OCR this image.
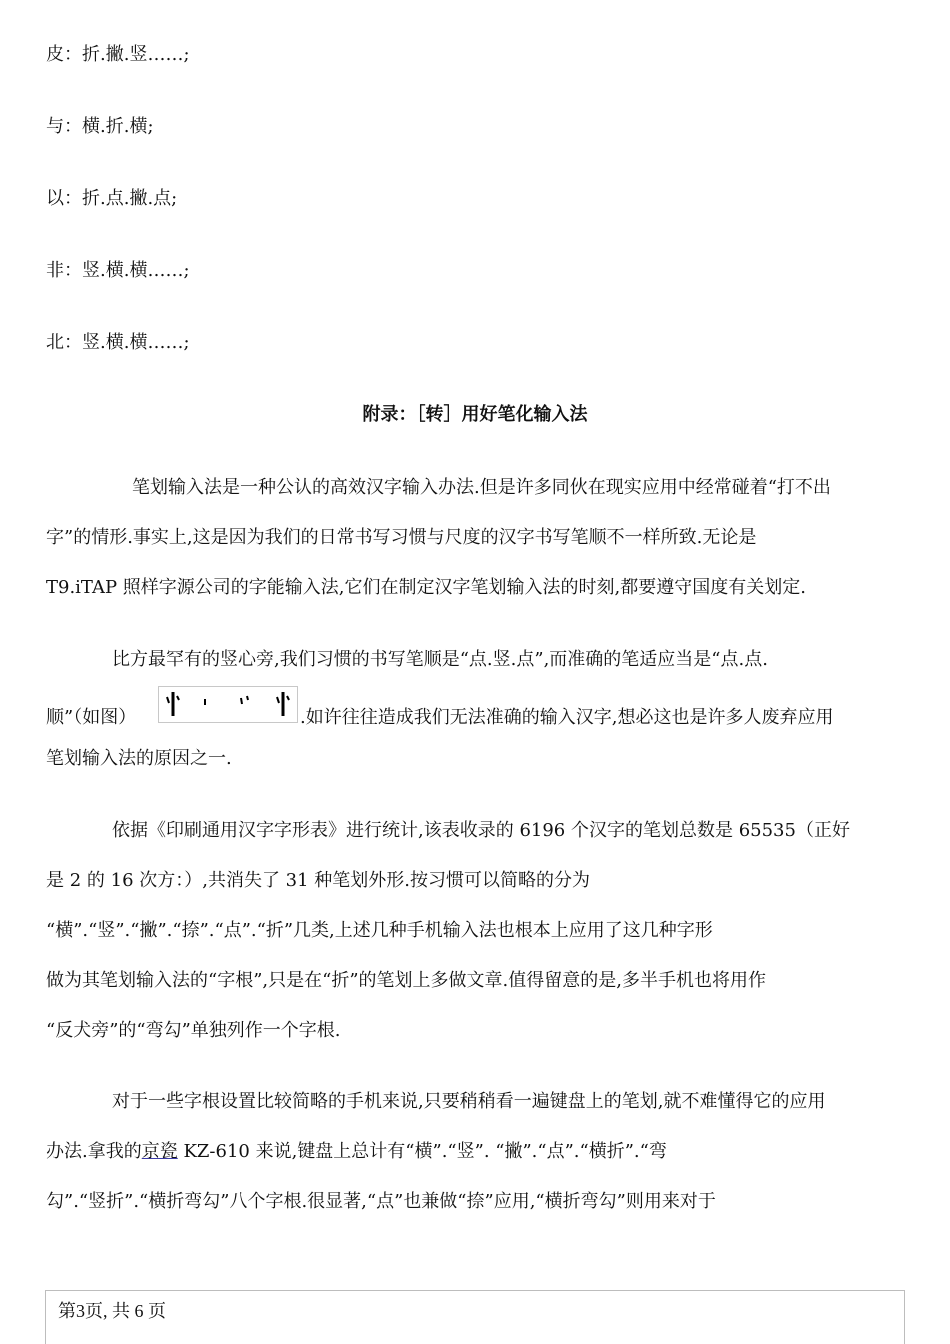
皮：折.撇.竖……;
与：横.折.横;
以：折.点.撇.点;
非：竖.横.横……;
北：竖.横.横……;
附录：［转］用好笔化输入法
笔划输入法是一种公认的高效汉字输入办法.但是许多同伙在现实应用中经常碰着“打不出
字”的情形.事实上,这是因为我们的日常书写习惯与尺度的汉字书写笔顺不一样所致.无论是
T9.iTAP 照样字源公司的字能输入法,它们在制定汉字笔划输入法的时刻,都要遵守国度有关划定.
比方最罕有的竖心旁,我们习惯的书写笔顺是“点.竖.点”,而准确的笔适应当是“点.点.
顺”（如图）	.如许往往造成我们无法准确的输入汉字,想必这也是许多人废弃应用
笔划输入法的原因之一.
依据《印刷通用汉字字形表》进行统计,该表收录的 6196 个汉字的笔划总数是 65535（正好
是 2 的 16 次方：）,共消失了 31 种笔划外形.按习惯可以简略的分为
“横”.“竖”.“撇”.“捺”.“点”.“折”几类,上述几种手机输入法也根本上应用了这几种字形
做为其笔划输入法的“字根”,只是在“折”的笔划上多做文章.值得留意的是,多半手机也将用作
“反犬旁”的“弯勾”单独列作一个字根.
对于一些字根设置比较简略的手机来说,只要稍稍看一遍键盘上的笔划,就不难懂得它的应用
办法.拿我的京瓷 KZ-610 来说,键盘上总计有“横”.“竖”. “撇”.“点”.“横折”.“弯
勾”.“竖折”.“横折弯勾”八个字根.很显著,“点”也兼做“捺”应用,“横折弯勾”则用来对于
第3页, 共 6 页
